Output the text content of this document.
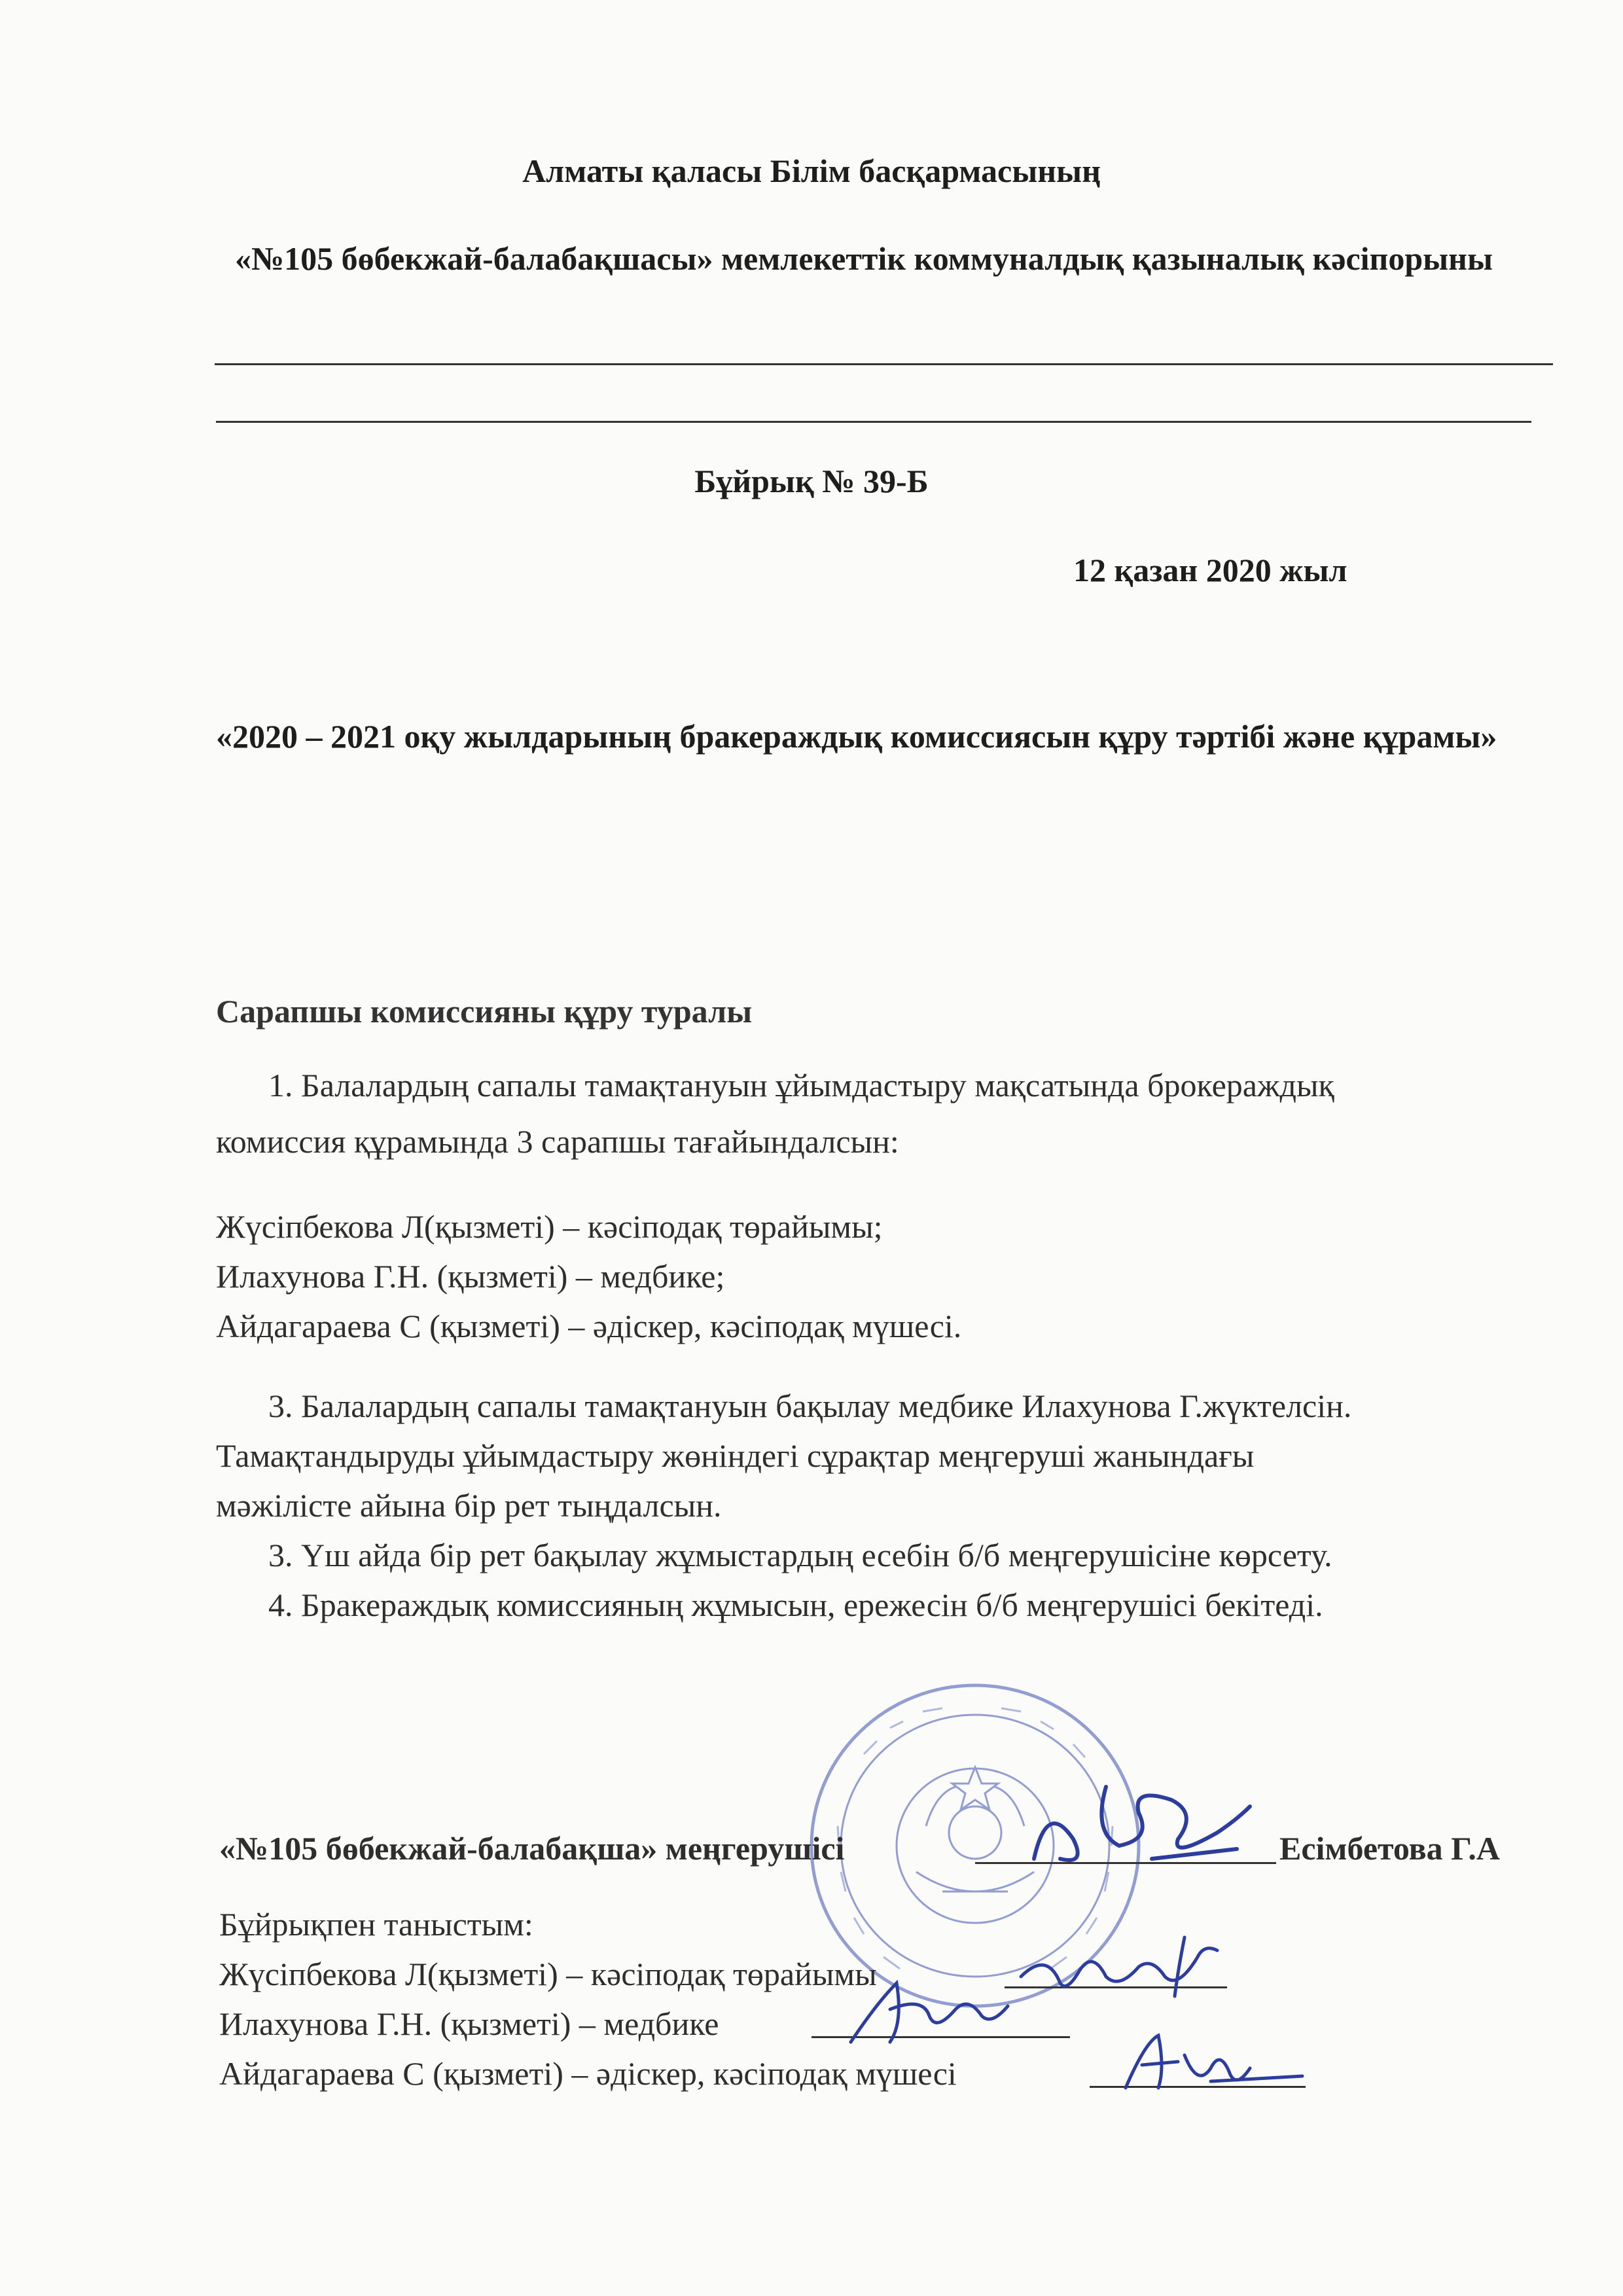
Алматы қаласы Білім басқармасының
«№105 бөбекжай-балабақшасы» мемлекеттік коммуналдық қазыналық кәсіпорыны
Бұйрық № 39-Б
12 қазан 2020 жыл
«2020 – 2021 оқу жылдарының бракераждық комиссиясын құру тәртібі және құрамы»
Сарапшы комиссияны құру туралы
1. Балалардың сапалы тамақтануын ұйымдастыру мақсатында брокераждық
комиссия құрамында 3 сарапшы тағайындалсын:
Жүсіпбекова Л(қызметі) – кәсіподақ төрайымы;
Илахунова Г.Н. (қызметі) – медбике;
Айдагараева С (қызметі) – әдіскер, кәсіподақ мүшесі.
3. Балалардың сапалы тамақтануын бақылау медбике Илахунова Г.жүктелсін.
Тамақтандыруды ұйымдастыру жөніндегі сұрақтар меңгеруші жанындағы
мәжілісте айына бір рет тыңдалсын.
3. Үш айда бір рет бақылау жұмыстардың есебін б/б меңгерушісіне көрсету.
4. Бракераждық комиссияның жұмысын, ережесін б/б меңгерушісі бекітеді.
«№105 бөбекжай-балабақша» меңгерушісі	Есімбетова Г.А
Бұйрықпен таныстым:
Жүсіпбекова Л(қызметі) – кәсіподақ төрайымы
Илахунова Г.Н. (қызметі) – медбике
Айдагараева С (қызметі) – әдіскер, кәсіподақ мүшесі
